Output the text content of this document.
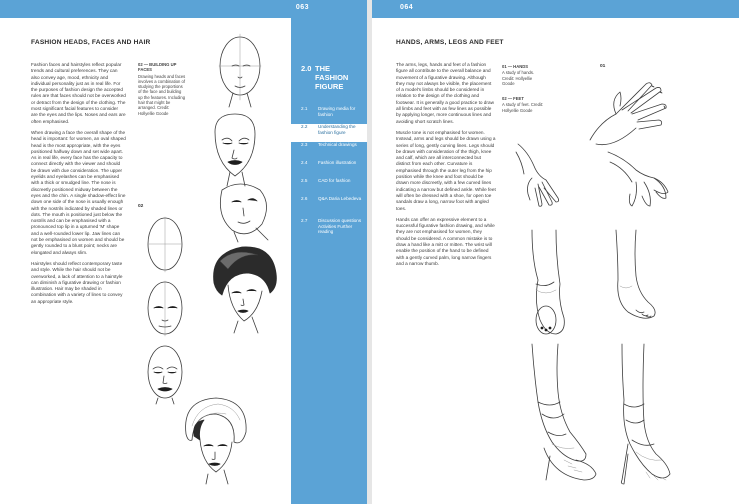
063
FASHION HEADS, FACES AND HAIR

Fashion faces and hairstyles reflect popular trends and cultural preferences. They can also convey age, mood, ethnicity and individual personality just as in real life. For the purposes of fashion design the accepted rules are that faces should not be overworked or detract from the design of the clothing. The most significant facial features to consider are the eyes and the lips. Noses and ears are often emphasised.

When drawing a face the overall shape of the head is important: for women, an oval shaped head is the most appropriate, with the eyes positioned halfway down and set wide apart. As in real life, every face has the capacity to connect directly with the viewer and should be drawn with due consideration. The upper eyelids and eyelashes can be emphasised with a thick or smudged line. The nose is discreetly positioned midway between the eyes and the chin. A single shadow-effect line down one side of the nose is usually enough with the nostrils indicated by shaded lines or dots. The mouth is positioned just below the nostrils and can be emphasised with a pronounced top lip in a upturned 'M' shape and a well-rounded lower lip. Jaw lines can not be emphasised on women and should be gently rounded to a blunt point; necks are elongated and always slim.

Hairstyles should reflect contemporary taste and style. While the hair should not be overworked, a lack of attention to a hairstyle can diminish a figurative drawing or fashion illustration. Hair may be shaded in combination with a variety of lines to convey an appropriate style.

02 — BUILDING UP FACES
Drawing heads and faces involves a combination of studying the proportions of the face and building up the features. Including hair that might be arranged. Credit: Hollyellie Goode
02
2.0 THE FASHION FIGURE
2.1 Drawing media for fashion
2.2 Understanding the fashion figure
2.3 Technical drawings
2.4 Fashion illustration
2.5 CAD for fashion
2.6 Q&A Daria Lebedeva
2.7 Discussion questions Activities Further reading
064
HANDS, ARMS, LEGS AND FEET

The arms, legs, hands and feet of a fashion figure all contribute to the overall balance and movement of a figurative drawing. Although they may not always be visible, the placement of a model's limbs should be considered in relation to the design of the clothing and footwear. It is generally a good practice to draw all limbs and feet with as few lines as possible by applying longer, more continuous lines and avoiding short scratch lines.

Muscle tone is not emphasised for women. Instead, arms and legs should be drawn using a series of long, gently curving lines. Legs should be drawn with consideration of the thigh, knee and calf, which are all interconnected but distinct from each other. Curvature is emphasised through the outer leg from the hip position while the knee and foot should be drawn more discreetly, with a few curved lines indicating a narrow but defined ankle. While feet will often be dressed with a shoe, for open toe sandals draw a long, narrow foot with angled toes.

Hands can offer an expressive element to a successful figurative fashion drawing, and while they are not emphasised for women, they should be considered. A common mistake is to draw a hand like a mitt or mitten. The wrist will enable the position of the hand to be defined with a gently curved palm, long narrow fingers and a narrow thumb.

01 — HANDS
A study of hands. Credit: Hollyellie Goode
02 — FEET
A study of feet. Credit: Hollyellie Goode
01
